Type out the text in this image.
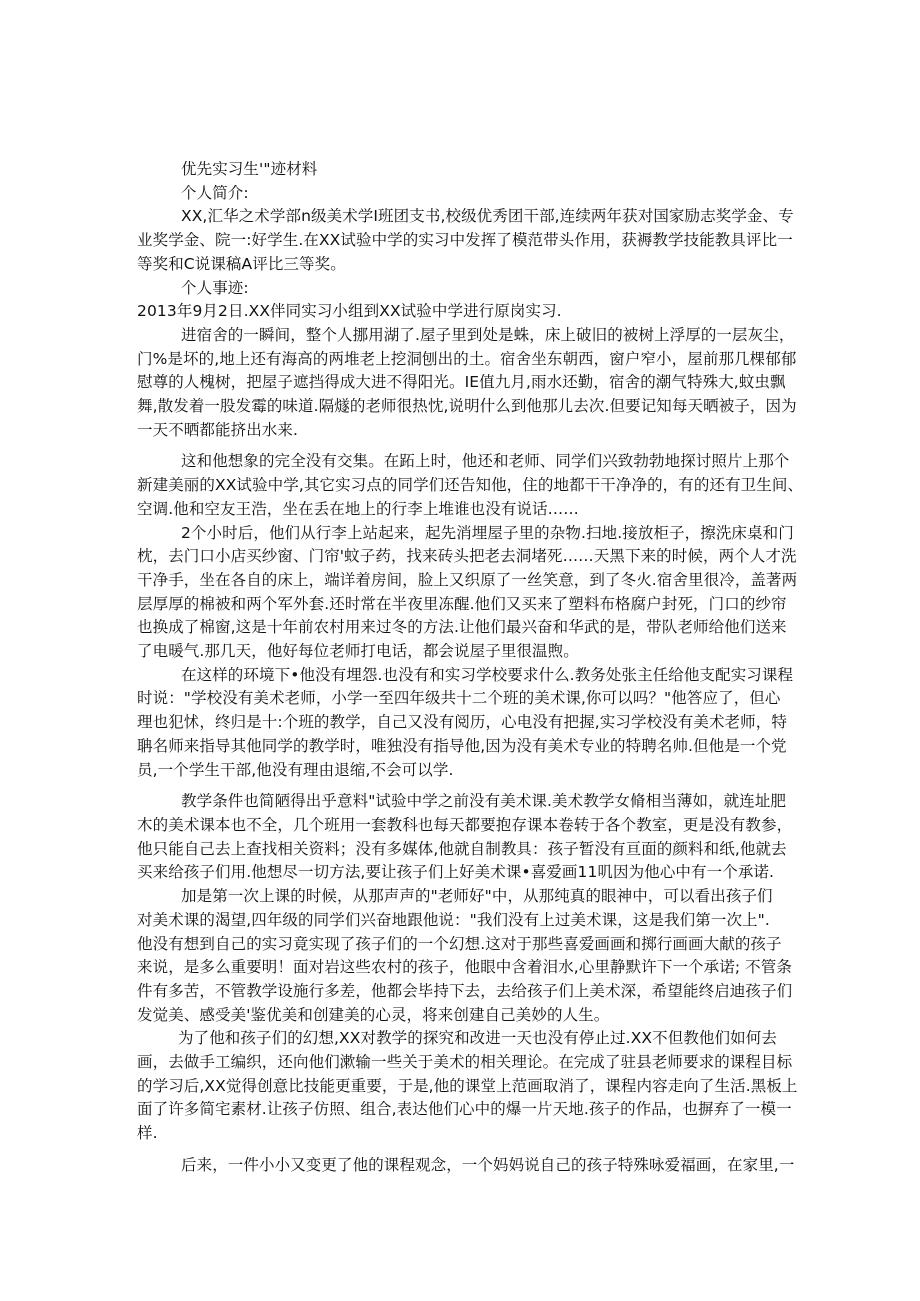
优先实习生'"迹材料
个人简介:
XX,汇华之术学部n级美术学I班团支书,校级优秀团干部,连续两年获对国家励志奖学金、专
业奖学金、院一:好学生.在XX试验中学的实习中发挥了模范带头作用，获褥教学技能教具评比一
等奖和C说课稿A评比三等奖。
个人事迹:
2013年9月2日.XX伴同实习小组到XX试验中学进行原岗实习.
进宿舍的一瞬间，整个人挪用湖了.屋子里到处是蛛，床上破旧的被树上浮厚的一层灰尘，
门%是坏的,地上还有海高的两堆老上挖洞刨出的土。宿舍坐东朝西，窗户窄小，屋前那几棵郁郁
慰尊的人槐树，把屋子遮挡得成大进不得阳光。IE值九月,雨水还勤，宿舍的潮气特殊大,蚊虫飘
舞,散发着一股发霉的味道.隔燧的老师很热忱,说明什么到他那儿去次.但要记知每天晒被子，因为
一天不晒都能挤出水来.
这和他想象的完全没有交集。在跖上时，他还和老师、同学们兴致勃勃地探讨照片上那个
新建美丽的XX试验中学,其它实习点的同学们还告知他，住的地都干干净净的，有的还有卫生间、
空调.他和空友王浩，坐在丢在地上的行李上堆谁也没有说话……
2个小时后，他们从行李上站起来，起先消埋屋子里的杂物.扫地.接放柜子，擦洗床桌和门
枕，去门口小店买纱窗、门帘'蚊子药，找来砖头把老去洞堵死……天黑下来的时候，两个人才洗
干净手，坐在各自的床上，端详着房间，脸上又织原了一丝笑意，到了冬火.宿舍里很冷，盖著两
层厚厚的棉被和两个军外套.还时常在半夜里冻醒.他们又买来了塑料布格腐户封死，门口的纱帘
也换成了棉窗,这是十年前农村用来过冬的方法.让他们最兴奋和华武的是，带队老师给他们送来
了电暖气.那几天，他好每位老师打电话，都会说屋子里很温煦。
在这样的环境下•他没有埋怨.也没有和实习学校要求什么.教务处张主任给他支配实习课程
时说："学校没有美术老师，小学一至四年级共十二个班的美术课,你可以吗？"他答应了，但心
理也犯怵，终归是十:个班的教学，自己又没有阅历，心电没有把握,实习学校没有美术老师，特
聃名师来指导其他同学的教学时，唯独没有指导他,因为没有美术专业的特聘名帅.但他是一个党
员,一个学生干部,他没有理由退缩,不会可以学.
教学条件也简陋得出乎意料"试验中学之前没有美术课.美术教学女脩相当薄如，就连址肥
木的美术课本也不全，几个班用一套教科也每天都要抱存课本卷转于各个教室，更是没有教参，
他只能自己去上查找相关资料；没有多媒体,他就自制教具：孩子暂没有亘面的颜料和纸,他就去
买来给孩子们用.他想尽一切方法,要让孩子们上好美术课•喜爱画11叽因为他心中有一个承诺.
加是第一次上课的时候，从那声声的"老师好"中，从那纯真的眼神中，可以看出孩子们
对美术课的渴望,四年级的同学们兴奋地跟他说："我们没有上过美术课，这是我们第一次上".
他没有想到自己的实习竟实现了孩子们的一个幻想.这对于那些喜爱画画和掷行画画大献的孩子
来说，是多么重要明！面对岩这些农村的孩子，他眼中含着泪水,心里静默许下一个承诺; 不管条
件有多苦，不管教学设施行多差，他都会毕持下去，去给孩子们上美术深，希望能终启迪孩子们
发觉美、感受美'鉴优美和创建美的心灵，将来创建自己美妙的人生。
为了他和孩子们的幻想,XX对教学的探究和改进一天也没有停止过.XX不但教他们如何去
画，去做手工编织，还向他们漱输一些关于美术的相关理论。在完成了驻县老师要求的课程目标
的学习后,XX觉得创意比技能更重要，于是,他的课堂上范画取消了，课程内容走向了生活.黑板上
面了许多简宅素材.让孩子仿照、组合,表达他们心中的爆一片天地.孩子的作品，也摒弃了一模一
样.
后来，一件小小又变更了他的课程观念，一个妈妈说自己的孩子特殊咏爱福画，在家里,一
